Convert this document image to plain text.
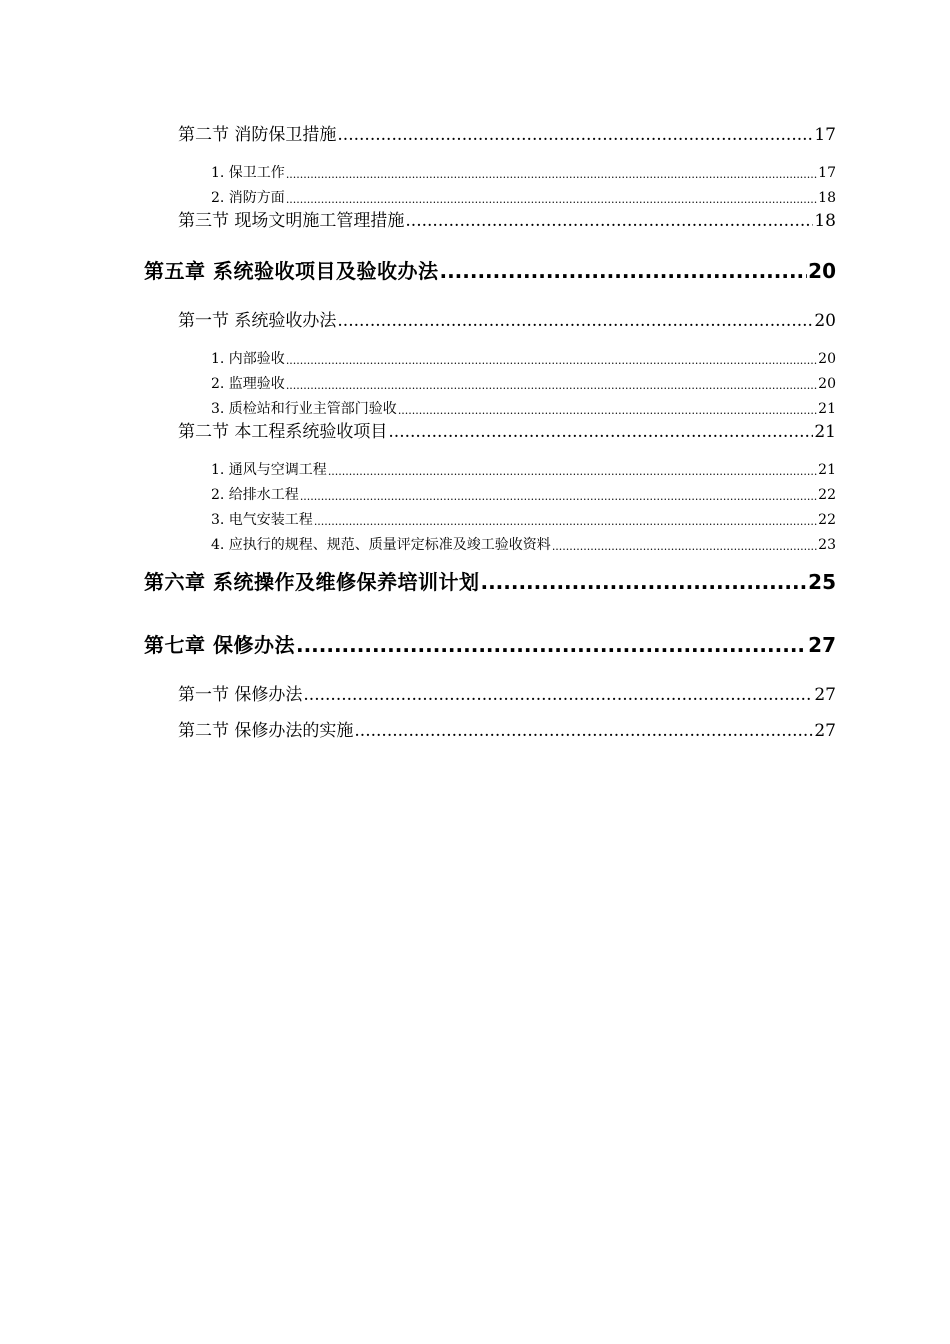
第二节 消防保卫措施 .....	17
1. 保卫工作 .....	17
2. 消防方面 .....	18
第三节 现场文明施工管理措施 .....	18
第五章 系统验收项目及验收办法 .....	20
第一节 系统验收办法 .....	20
1. 内部验收 .....	20
2. 监理验收 .....	20
3. 质检站和行业主管部门验收 .....	21
第二节 本工程系统验收项目 .....	21
1. 通风与空调工程 .....	21
2. 给排水工程 .....	22
3. 电气安装工程 .....	22
4. 应执行的规程、规范、质量评定标准及竣工验收资料 .....	23
第六章 系统操作及维修保养培训计划 .....	25
第七章 保修办法 .....	27
第一节 保修办法 .....	27
第二节 保修办法的实施 .....	27
